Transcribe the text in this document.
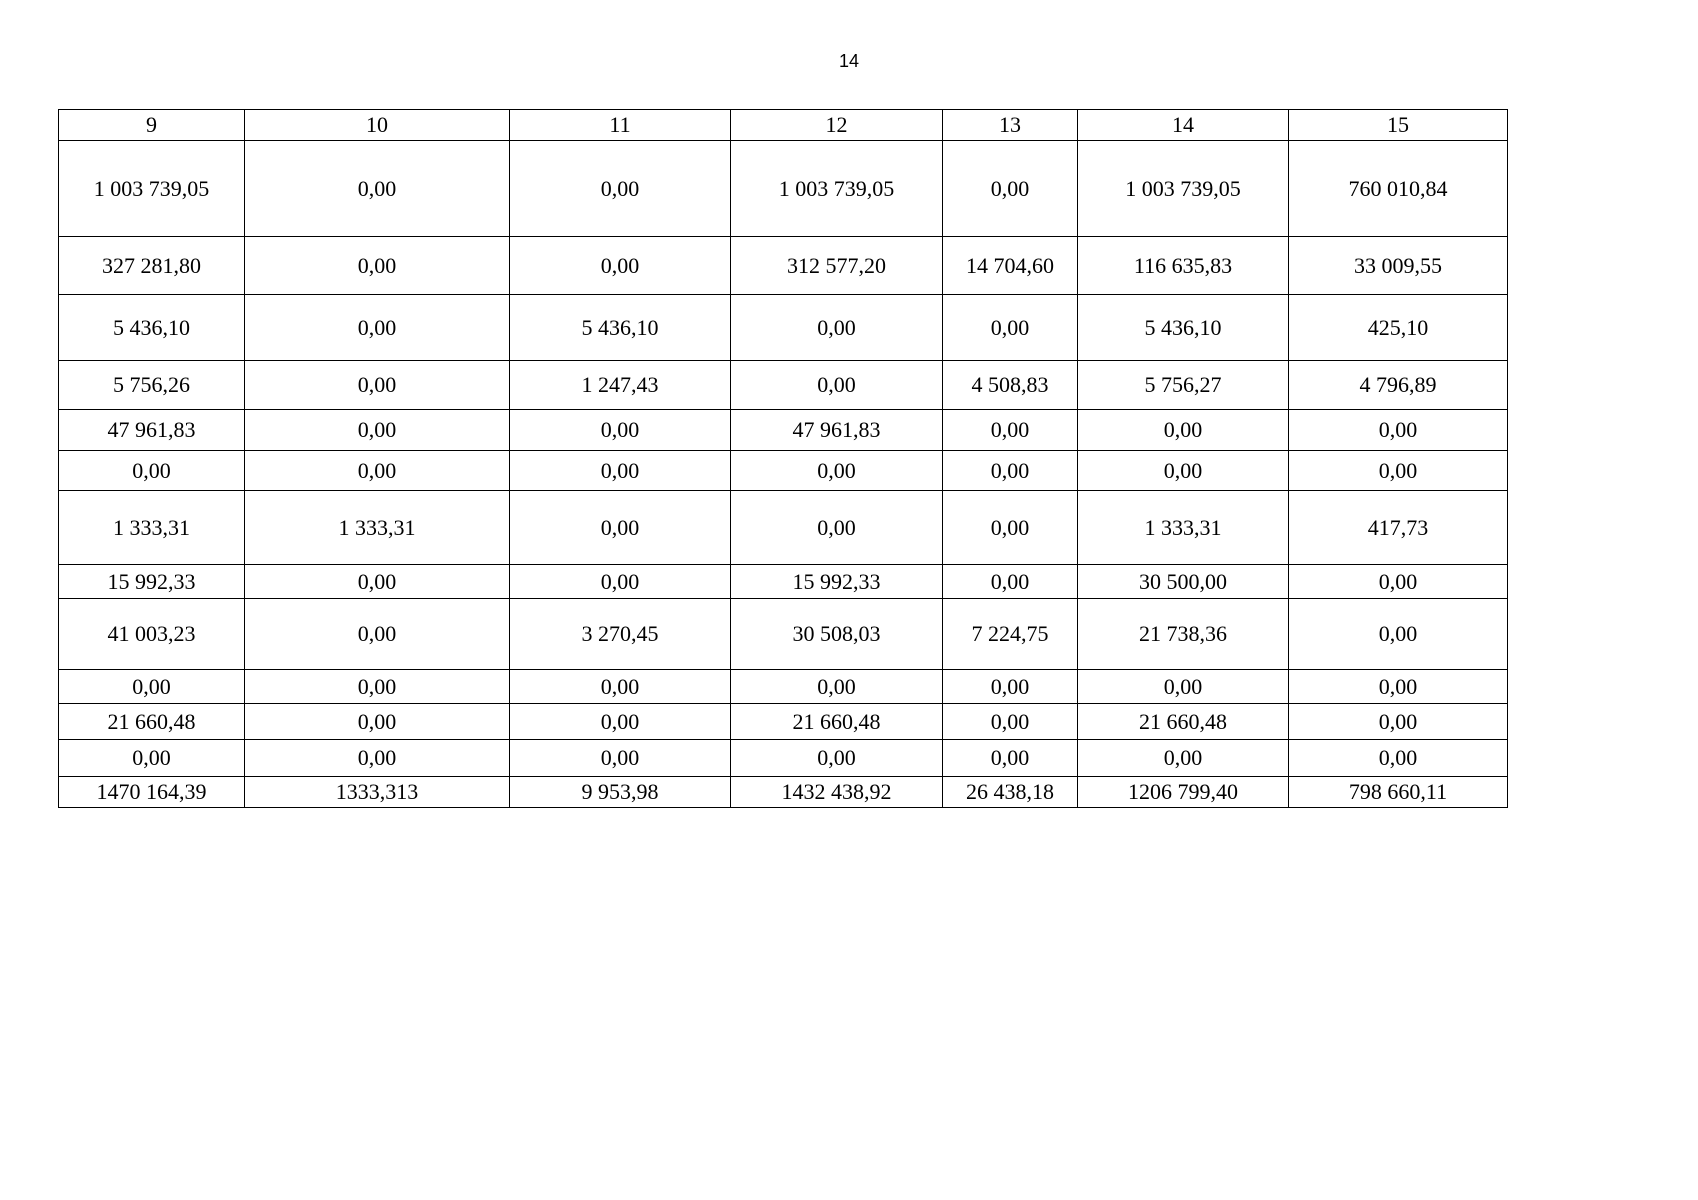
14
9	10	11	12	13	14	15
1 003 739,05	0,00	0,00	1 003 739,05	0,00	1 003 739,05	760 010,84
327 281,80	0,00	0,00	312 577,20	14 704,60	116 635,83	33 009,55
5 436,10	0,00	5 436,10	0,00	0,00	5 436,10	425,10
5 756,26	0,00	1 247,43	0,00	4 508,83	5 756,27	4 796,89
47 961,83	0,00	0,00	47 961,83	0,00	0,00	0,00
0,00	0,00	0,00	0,00	0,00	0,00	0,00
1 333,31	1 333,31	0,00	0,00	0,00	1 333,31	417,73
15 992,33	0,00	0,00	15 992,33	0,00	30 500,00	0,00
41 003,23	0,00	3 270,45	30 508,03	7 224,75	21 738,36	0,00
0,00	0,00	0,00	0,00	0,00	0,00	0,00
21 660,48	0,00	0,00	21 660,48	0,00	21 660,48	0,00
0,00	0,00	0,00	0,00	0,00	0,00	0,00
1470 164,39	1333,313	9 953,98	1432 438,92	26 438,18	1206 799,40	798 660,11
